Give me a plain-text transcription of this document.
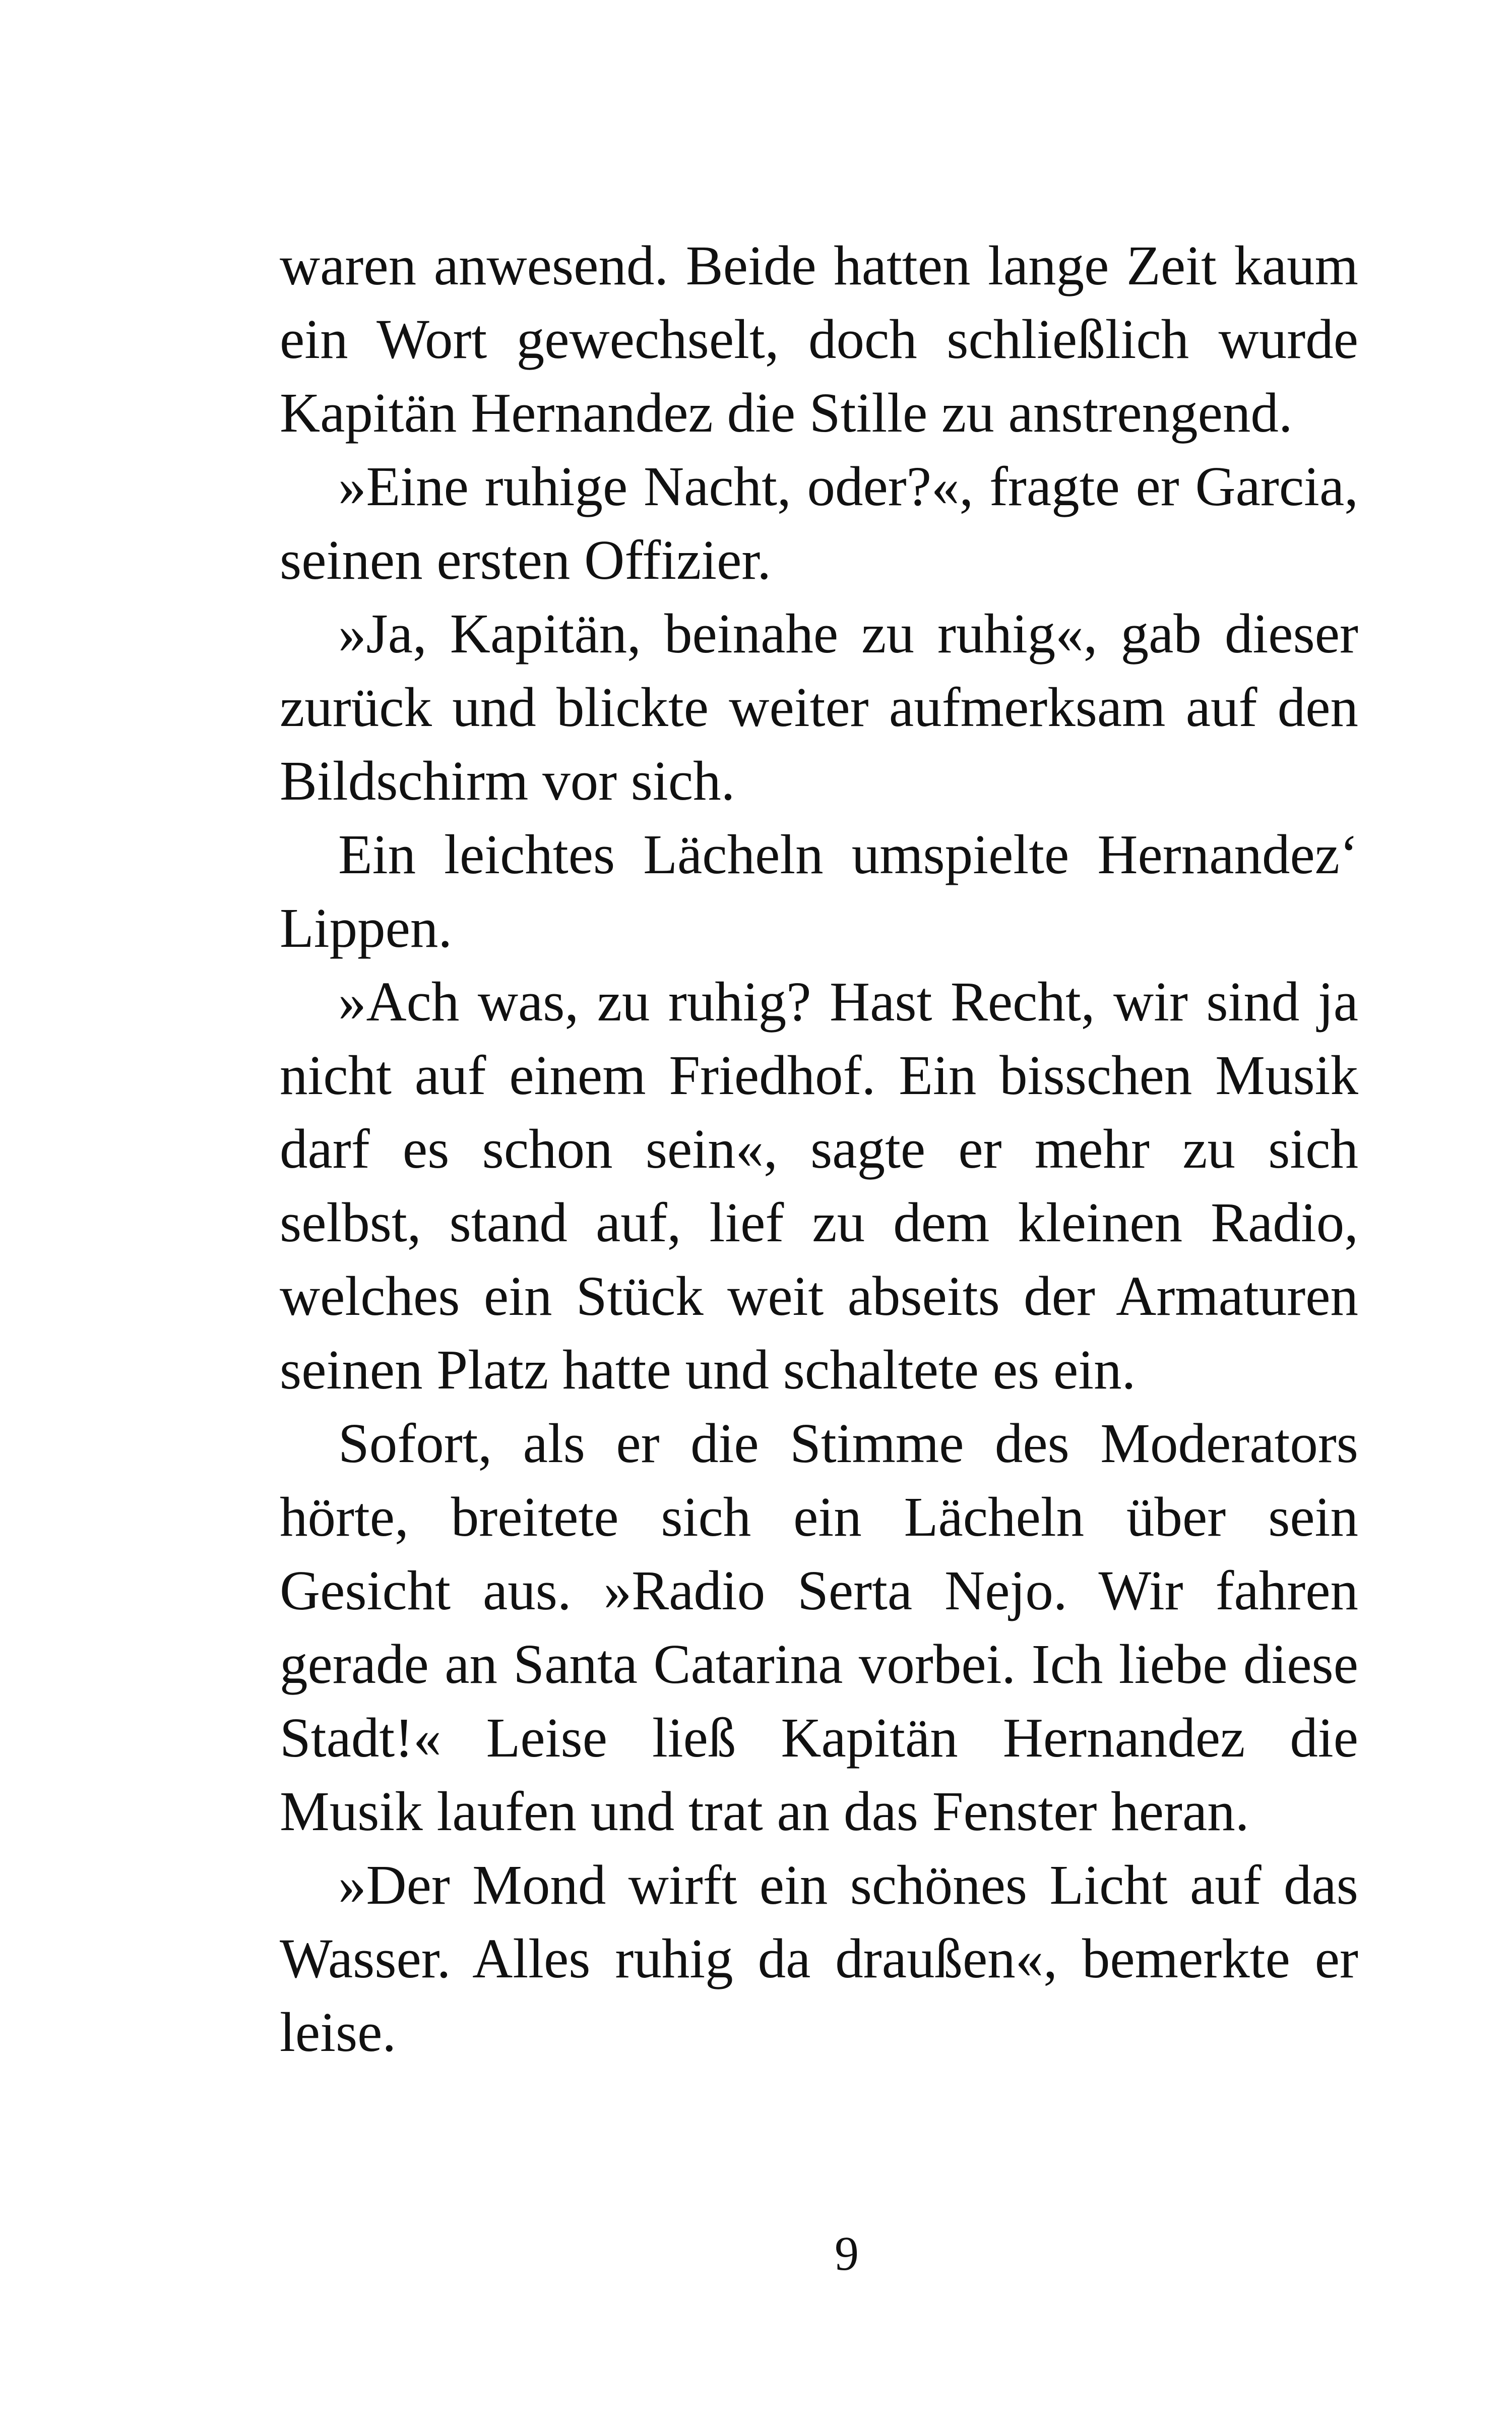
waren anwesend. Beide hatten lange Zeit kaum ein Wort gewechselt, doch schließlich wurde Kapitän Hernandez die Stille zu anstrengend.

»Eine ruhige Nacht, oder?«, fragte er Garcia, seinen ersten Offizier.

»Ja, Kapitän, beinahe zu ruhig«, gab dieser zurück und blickte weiter aufmerksam auf den Bildschirm vor sich.

Ein leichtes Lächeln umspielte Hernandez‘ Lippen.

»Ach was, zu ruhig? Hast Recht, wir sind ja nicht auf einem Friedhof. Ein bisschen Musik darf es schon sein«, sagte er mehr zu sich selbst, stand auf, lief zu dem kleinen Radio, welches ein Stück weit abseits der Armaturen seinen Platz hatte und schaltete es ein.

Sofort, als er die Stimme des Moderators hörte, breitete sich ein Lächeln über sein Gesicht aus. »Radio Serta Nejo. Wir fahren gerade an Santa Catarina vorbei. Ich liebe diese Stadt!« Leise ließ Kapitän Hernandez die Musik laufen und trat an das Fenster heran.

»Der Mond wirft ein schönes Licht auf das Wasser. Alles ruhig da draußen«, bemerkte er leise.

9
